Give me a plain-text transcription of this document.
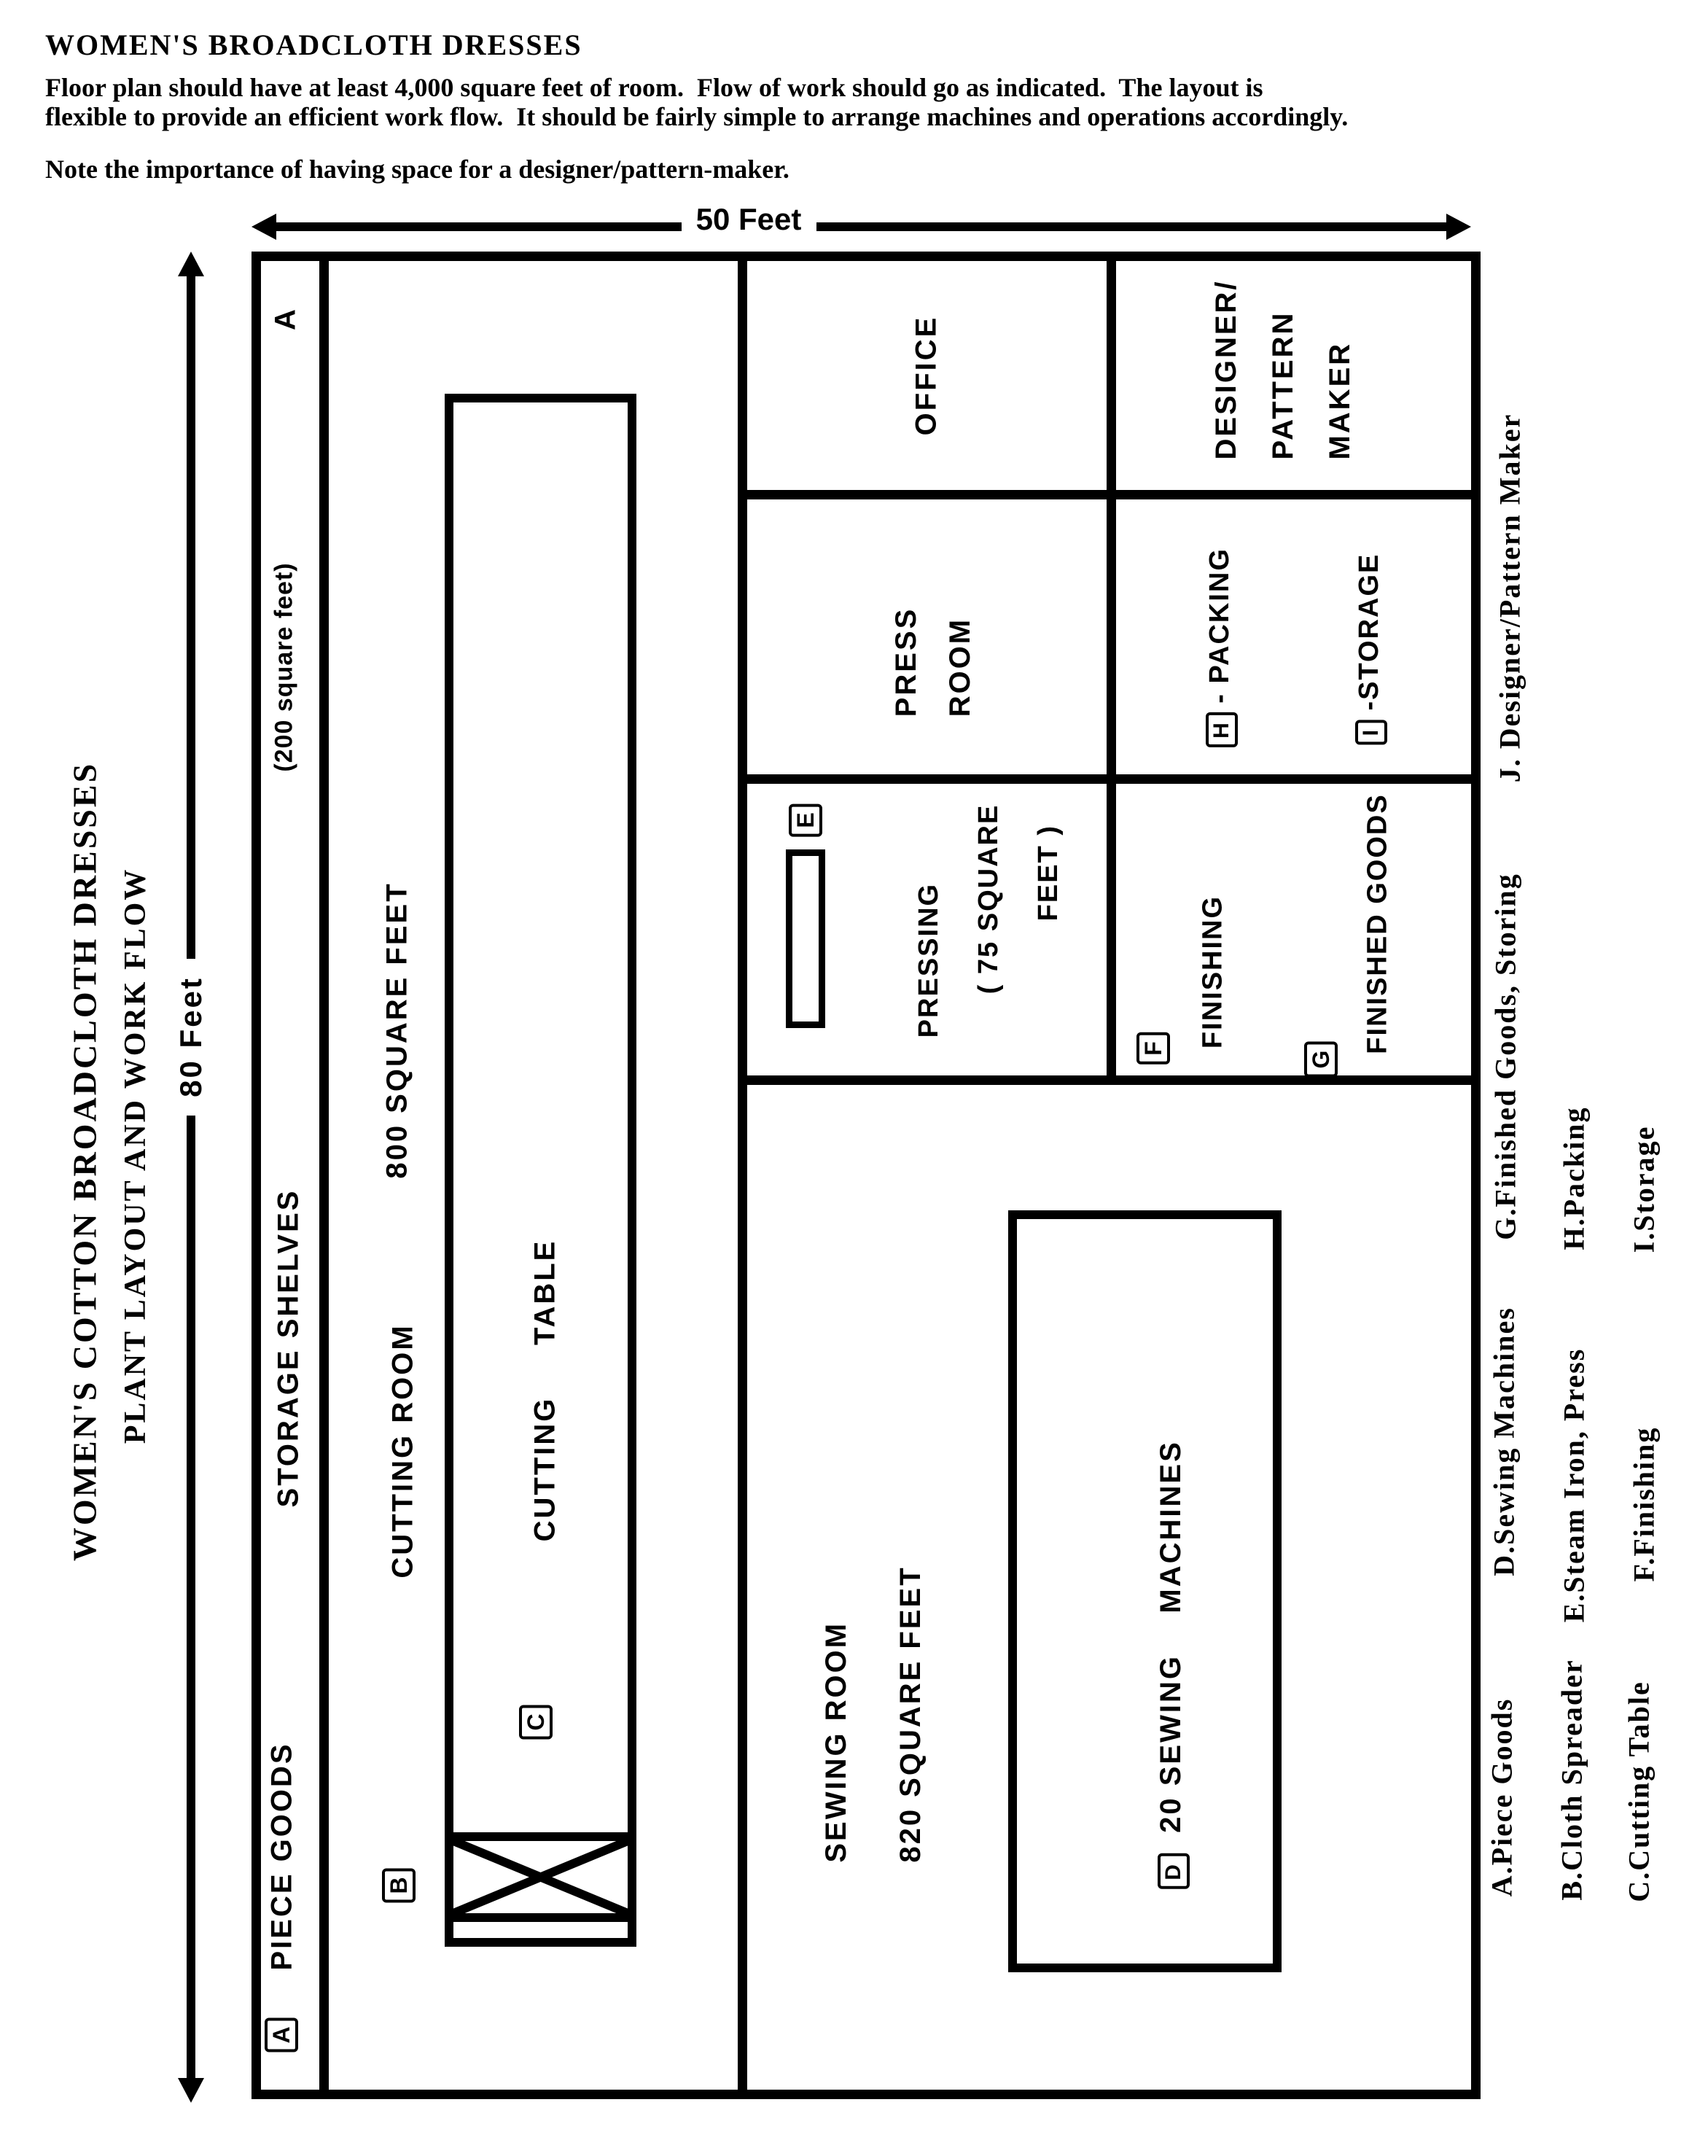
WOMEN'S BROADCLOTH DRESSES
Floor plan should have at least 4,000 square feet of room.  Flow of work should go as indicated.  The layout is
flexible to provide an efficient work flow.  It should be fairly simple to arrange machines and operations accordingly.
Note the importance of having space for a designer/pattern-maker.
WOMEN'S COTTON BROADCLOTH DRESSES PLANT LAYOUT AND WORK FLOW
50 Feet
80 Feet
A
(200 square feet)
STORAGE SHELVES
PIECE GOODS
A
CUTTING ROOM
800 SQUARE FEET
CUTTING     TABLE
C
B
OFFICE	DESIGNER/ PATTERN MAKER
PRESS ROOM
H - PACKING
I -STORAGE
E
PRESSING	( 75 SQUARE	FEET )
F FINISHING
G
FINISHED GOODS
SEWING ROOM	820 SQUARE FEET
D  20 SEWING    MACHINES
J. Designer/Pattern Maker
G.Finished Goods, Storing H.Packing I.Storage
D.Sewing Machines E.Steam Iron, Press F.Finishing
A.Piece Goods B.Cloth Spreader C.Cutting Table
